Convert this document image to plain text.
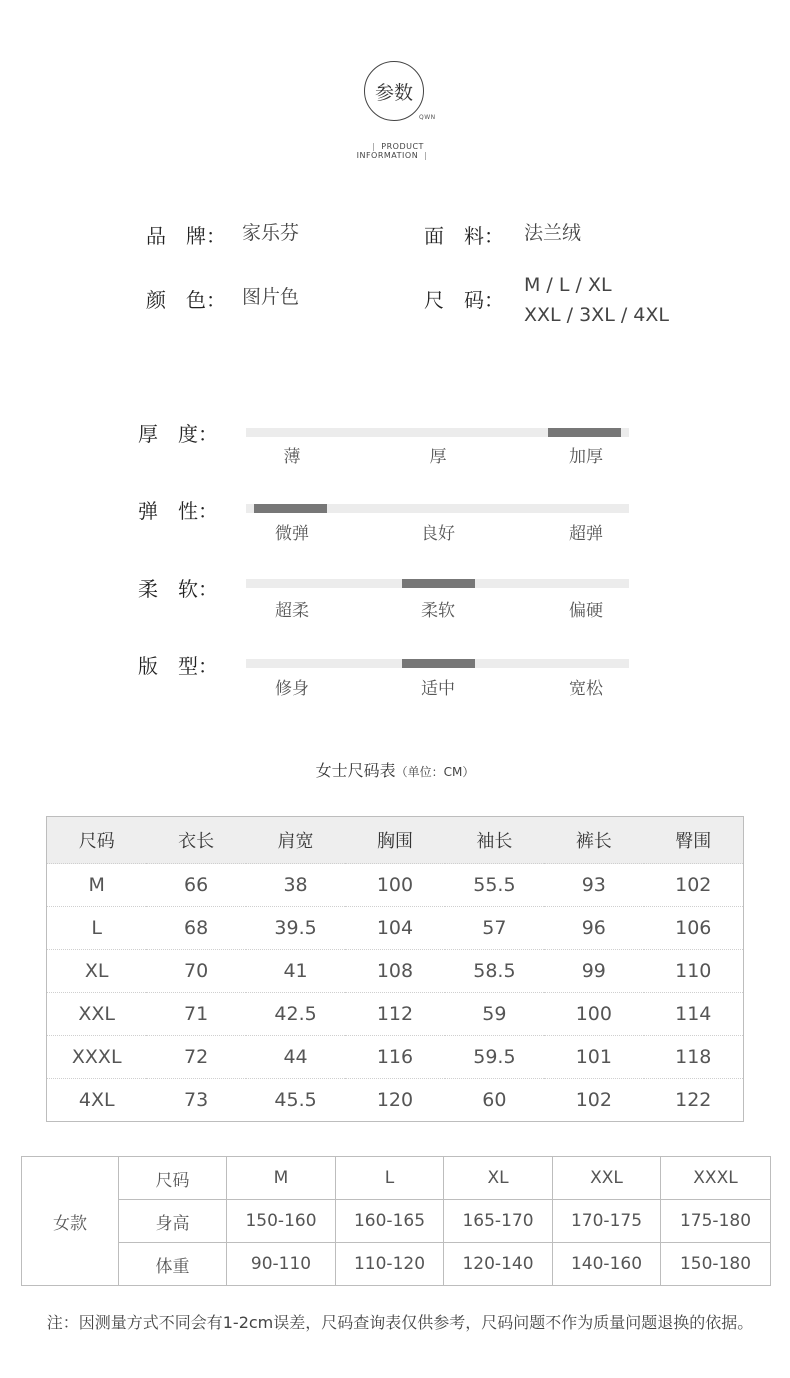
参数
QWN
| PRODUCT INFORMATION |
品 牌： 家乐芬	面 料： 法兰绒
颜 色： 图片色	尺 码：
M / L / XL
XXL / 3XL / 4XL
厚 度：
薄	厚	加厚
弹 性：
微弹	良好	超弹
柔 软：
超柔	柔软	偏硬
版 型：
修身	适中	宽松
女士尺码表（单位：CM）
尺码	衣长	肩宽	胸围	袖长	裤长	臀围
M	66	38	100	55.5	93	102
L	68	39.5	104	57	96	106
XL	70	41	108	58.5	99	110
XXL	71	42.5	112	59	100	114
XXXL	72	44	116	59.5	101	118
4XL	73	45.5	120	60	102	122
女款	尺码	M	L	XL	XXL	XXXL
	身高	150-160	160-165	165-170	170-175	175-180
	体重	90-110	110-120	120-140	140-160	150-180
注：因测量方式不同会有1-2cm误差，尺码查询表仅供参考，尺码问题不作为质量问题退换的依据。
